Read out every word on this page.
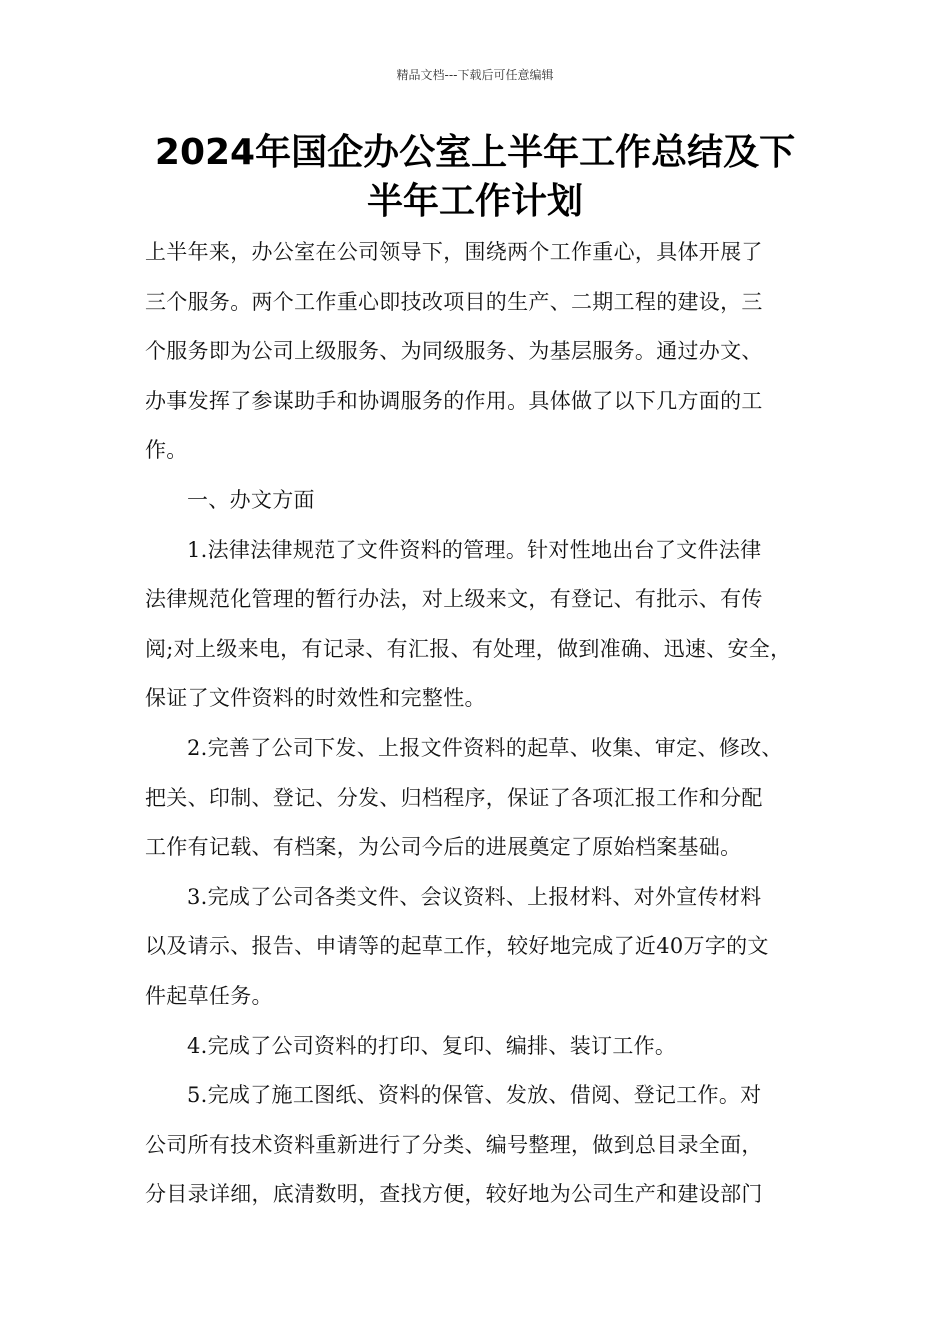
精品文档---下载后可任意编辑
2024年国企办公室上半年工作总结及下
半年工作计划
上半年来，办公室在公司领导下，围绕两个工作重心，具体开展了
三个服务。两个工作重心即技改项目的生产、二期工程的建设，三
个服务即为公司上级服务、为同级服务、为基层服务。通过办文、
办事发挥了参谋助手和协调服务的作用。具体做了以下几方面的工
作。
一、办文方面
1.法律法律规范了文件资料的管理。针对性地出台了文件法律
法律规范化管理的暂行办法，对上级来文，有登记、有批示、有传
阅;对上级来电，有记录、有汇报、有处理，做到准确、迅速、安全，
保证了文件资料的时效性和完整性。
2.完善了公司下发、上报文件资料的起草、收集、审定、修改、
把关、印制、登记、分发、归档程序，保证了各项汇报工作和分配
工作有记载、有档案，为公司今后的进展奠定了原始档案基础。
3.完成了公司各类文件、会议资料、上报材料、对外宣传材料
以及请示、报告、申请等的起草工作，较好地完成了近40万字的文
件起草任务。
4.完成了公司资料的打印、复印、编排、装订工作。
5.完成了施工图纸、资料的保管、发放、借阅、登记工作。对
公司所有技术资料重新进行了分类、编号整理，做到总目录全面，
分目录详细，底清数明，查找方便，较好地为公司生产和建设部门
